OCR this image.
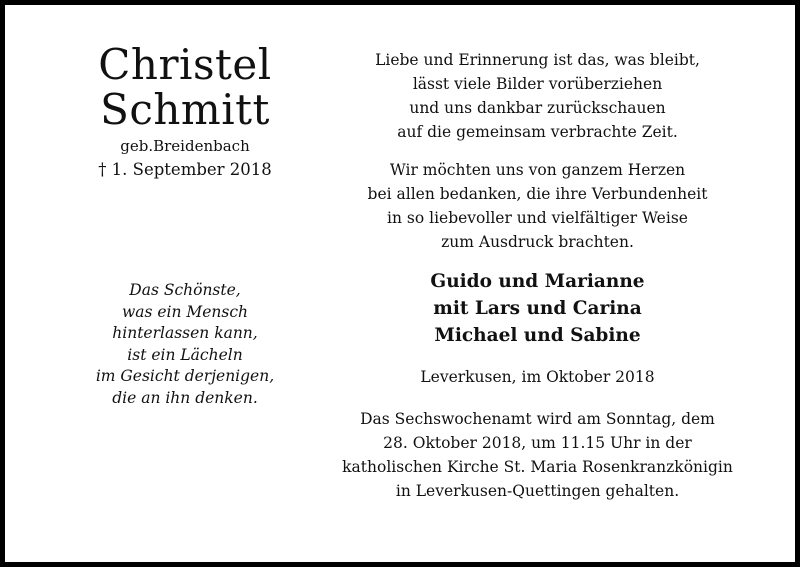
Christel
Schmitt
geb.Breidenbach
† 1. September 2018
Das Schönste,
was ein Mensch
hinterlassen kann,
ist ein Lächeln
im Gesicht derjenigen,
die an ihn denken.
Liebe und Erinnerung ist das, was bleibt,
lässt viele Bilder vorüberziehen
und uns dankbar zurückschauen
auf die gemeinsam verbrachte Zeit.
Wir möchten uns von ganzem Herzen
bei allen bedanken, die ihre Verbundenheit
in so liebevoller und vielfältiger Weise
zum Ausdruck brachten.
Guido und Marianne
mit Lars und Carina
Michael und Sabine
Leverkusen, im Oktober 2018
Das Sechswochenamt wird am Sonntag, dem
28. Oktober 2018, um 11.15 Uhr in der
katholischen Kirche St. Maria Rosenkranzkönigin
in Leverkusen-Quettingen gehalten.
